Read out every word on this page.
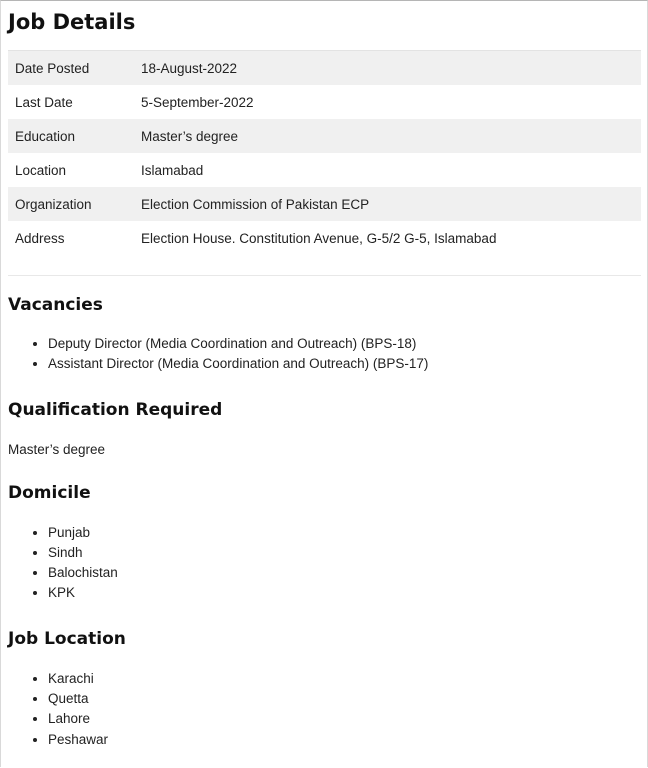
Job Details
Date Posted	18-August-2022
Last Date	5-September-2022
Education	Master’s degree
Location	Islamabad
Organization	Election Commission of Pakistan ECP
Address	Election House. Constitution Avenue, G-5/2 G-5, Islamabad
Vacancies
• Deputy Director (Media Coordination and Outreach) (BPS-18)
• Assistant Director (Media Coordination and Outreach) (BPS-17)
Qualification Required

Master’s degree

Domicile
• Punjab
• Sindh
• Balochistan
• KPK
Job Location
• Karachi
• Quetta
• Lahore
• Peshawar
